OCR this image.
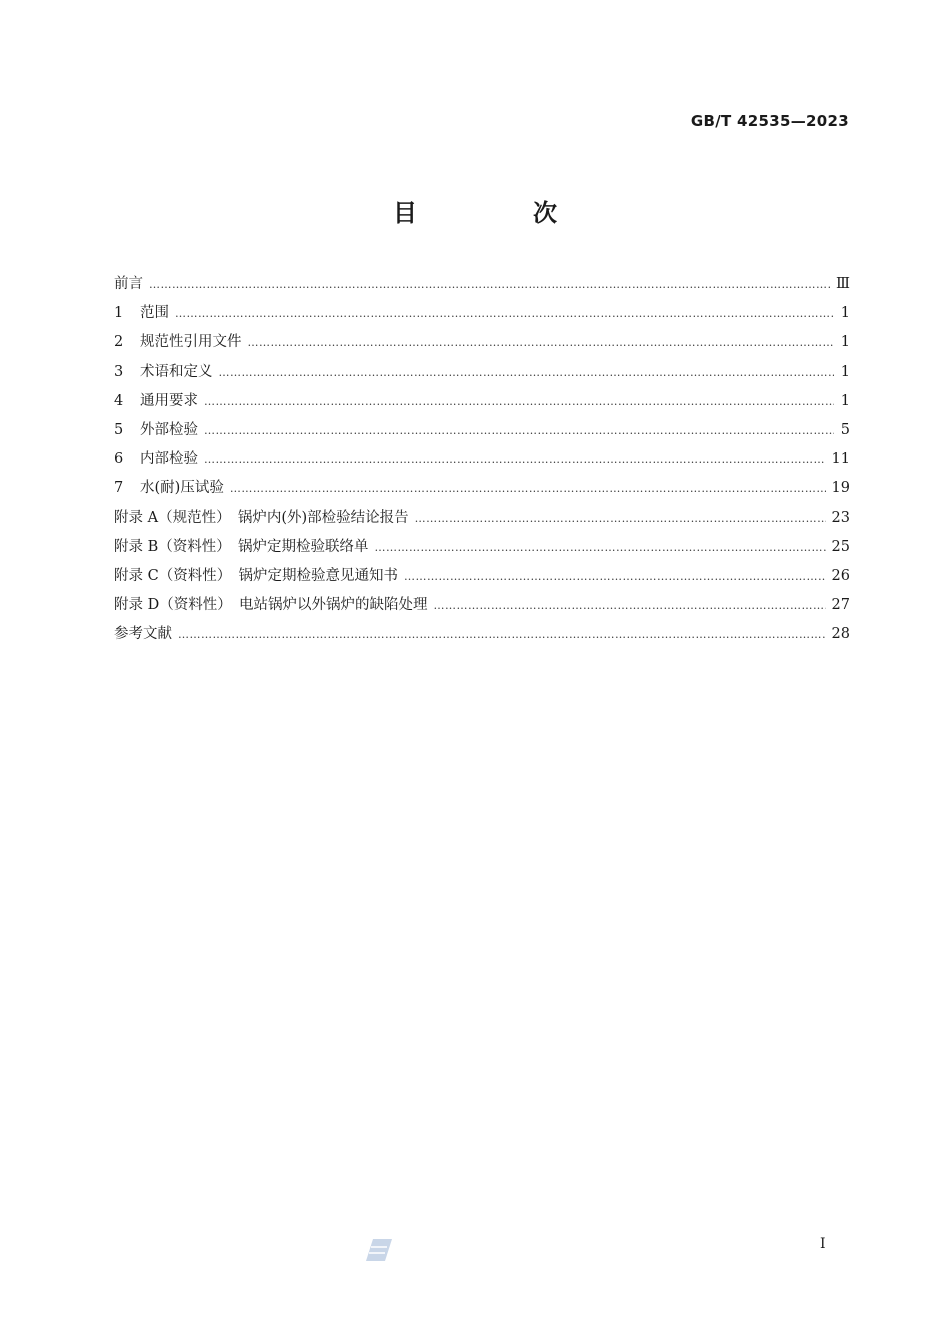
GB/T 42535—2023
目　次
前言 ……………………………………………………………………………………………………………………………………………………………………………………………………………………	Ⅲ
1	范围 ……………………………………………………………………………………………………………………………………………………………………………………………………………………	1
2	规范性引用文件 ……………………………………………………………………………………………………………………………………………………………………………………………………………………	1
3	术语和定义 ……………………………………………………………………………………………………………………………………………………………………………………………………………………	1
4	通用要求 ……………………………………………………………………………………………………………………………………………………………………………………………………………………	1
5	外部检验 ……………………………………………………………………………………………………………………………………………………………………………………………………………………	5
6	内部检验 ……………………………………………………………………………………………………………………………………………………………………………………………………………………	11
7	水(耐)压试验 ……………………………………………………………………………………………………………………………………………………………………………………………………………………	19
附录 A（规范性）　锅炉内(外)部检验结论报告 ……………………………………………………………………………………………………………………………………………………………………………………………………………………	23
附录 B（资料性）　锅炉定期检验联络单 ……………………………………………………………………………………………………………………………………………………………………………………………………………………	25
附录 C（资料性）　锅炉定期检验意见通知书 ……………………………………………………………………………………………………………………………………………………………………………………………………………………	26
附录 D（资料性）　电站锅炉以外锅炉的缺陷处理 ……………………………………………………………………………………………………………………………………………………………………………………………………………………	27
参考文献 ……………………………………………………………………………………………………………………………………………………………………………………………………………………	28
Ⅰ
